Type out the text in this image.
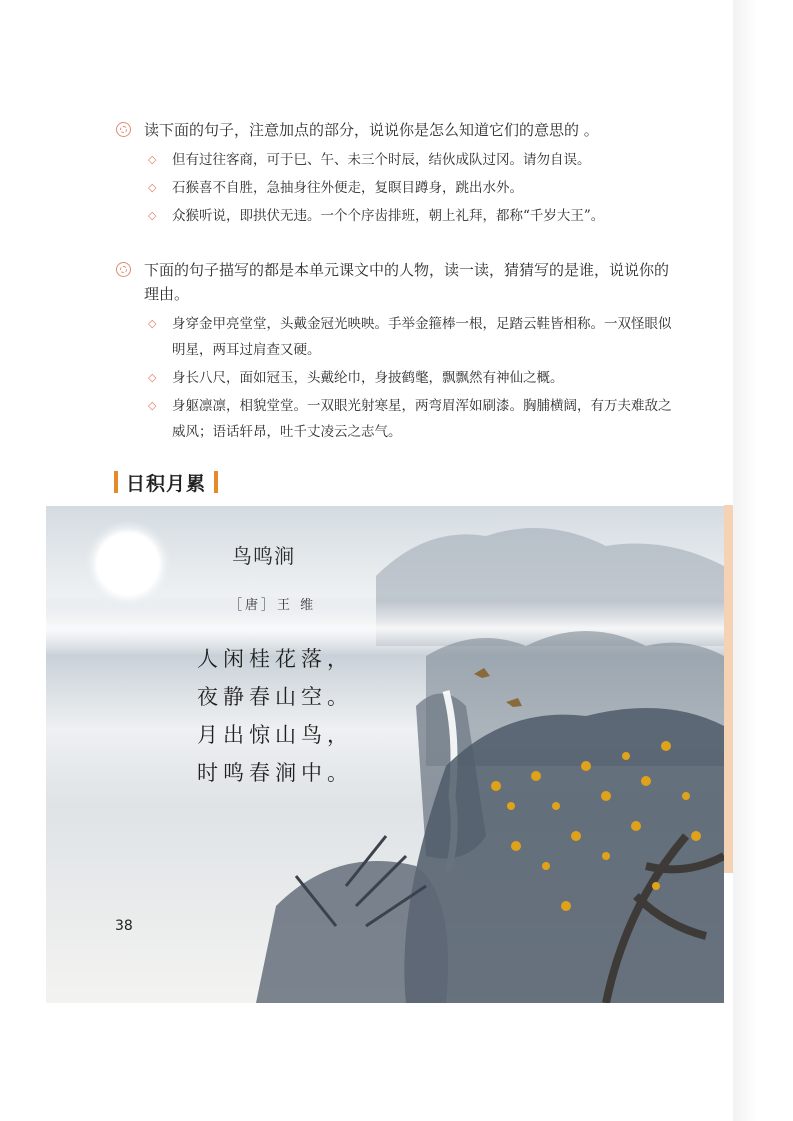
读下面的句子，注意加点的部分，说说你是怎么知道它们的意思的 。
◇ 但有过往客商，可于巳、午、未三个时辰，结伙成队过冈。请勿自误。
◇ 石猴喜不自胜，急抽身往外便走，复瞑目蹲身，跳出水外。
◇ 众猴听说，即拱伏无违。一个个序齿排班，朝上礼拜，都称“千岁大王”。
下面的句子描写的都是本单元课文中的人物，读一读，猜猜写的是谁，说说你的理由。
◇ 身穿金甲亮堂堂，头戴金冠光映映。手举金箍棒一根，足踏云鞋皆相称。一双怪眼似明星，两耳过肩查又硬。
◇ 身长八尺，面如冠玉，头戴纶巾，身披鹤氅，飘飘然有神仙之概。
◇ 身躯凛凛，相貌堂堂。一双眼光射寒星，两弯眉浑如刷漆。胸脯横阔，有万夫难敌之威风；语话轩昂，吐千丈凌云之志气。
日积月累
鸟鸣涧
［唐］王 维
人闲桂花落，
夜静春山空。
月出惊山鸟，
时鸣春涧中。
38
